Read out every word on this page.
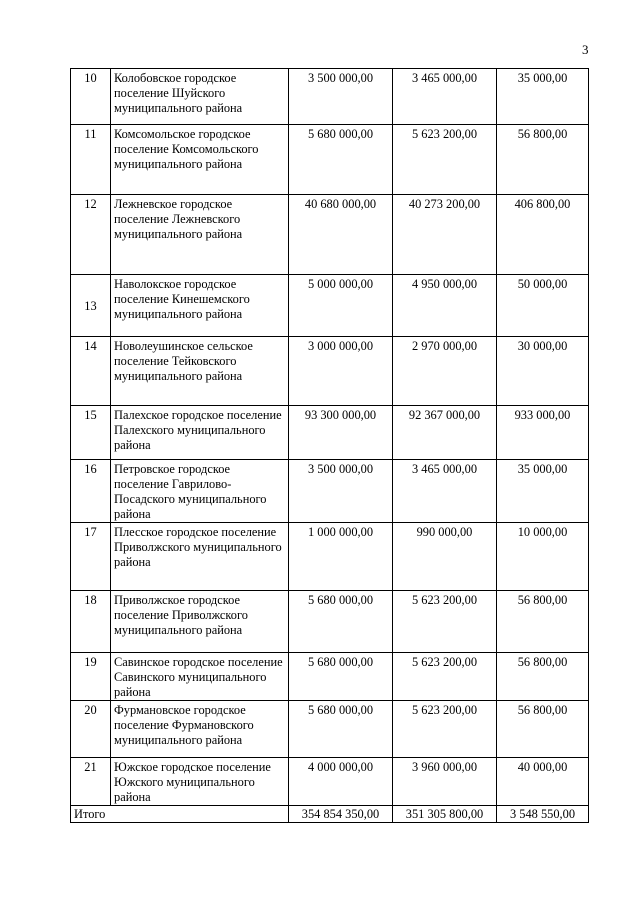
3
10	Колобовское городское поселение Шуйского муниципального района	3 500 000,00	3 465 000,00	35 000,00
11	Комсомольское городское поселение Комсомольского муниципального района	5 680 000,00	5 623 200,00	56 800,00
12	Лежневское городское поселение Лежневского муниципального района	40 680 000,00	40 273 200,00	406 800,00
13	Наволокское городское поселение Кинешемского муниципального района	5 000 000,00	4 950 000,00	50 000,00
14	Новолеушинское сельское поселение Тейковского муниципального района	3 000 000,00	2 970 000,00	30 000,00
15	Палехское городское поселение Палехского муниципального района	93 300 000,00	92 367 000,00	933 000,00
16	Петровское городское поселение Гаврилово-Посадского муниципального района	3 500 000,00	3 465 000,00	35 000,00
17	Плесское городское поселение Приволжского муниципального района	1 000 000,00	990 000,00	10 000,00
18	Приволжское городское поселение Приволжского муниципального района	5 680 000,00	5 623 200,00	56 800,00
19	Савинское городское поселение Савинского муниципального района	5 680 000,00	5 623 200,00	56 800,00
20	Фурмановское городское поселение Фурмановского муниципального района	5 680 000,00	5 623 200,00	56 800,00
21	Южское городское поселение Южского муниципального района	4 000 000,00	3 960 000,00	40 000,00
Итого		354 854 350,00	351 305 800,00	3 548 550,00
